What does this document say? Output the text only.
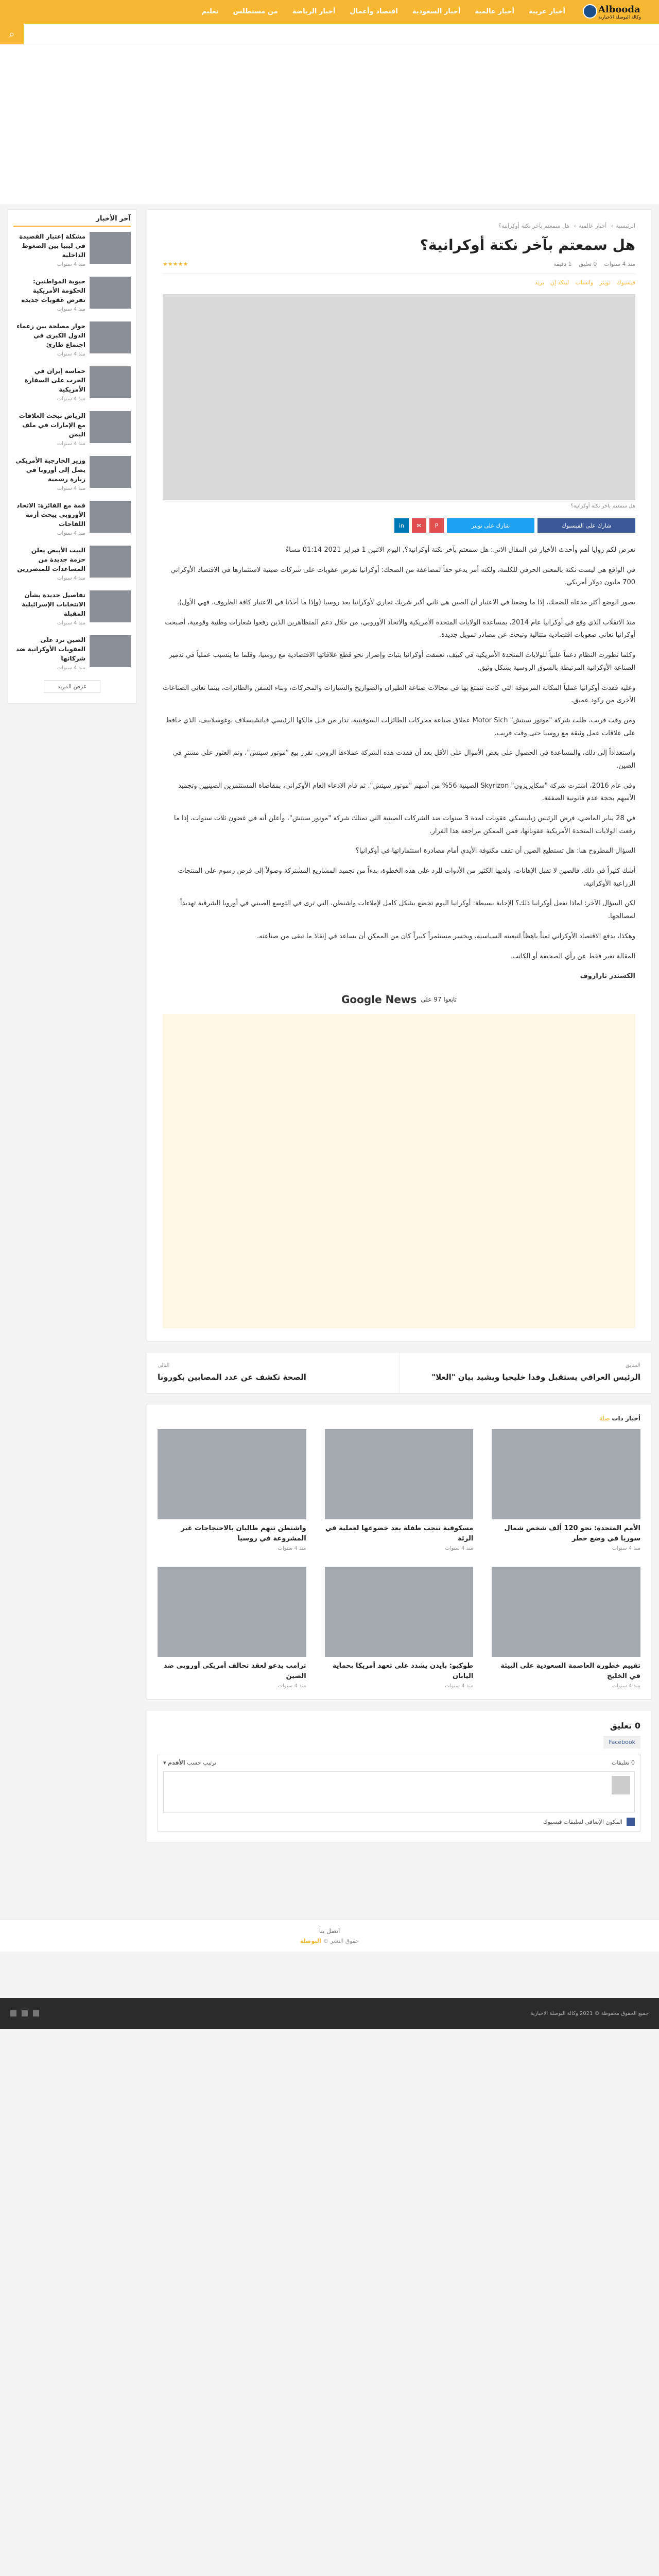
Albooda
وكالة البوصلة الاخبارية
أخبار عربية
أخبار عالمية
أخبار السعودية
اقتصاد وأعمال
أخبار الرياضة
من مستطلس
تعليم
⌕
الرئيسية› أخبار عالمية› هل سمعتم بآخر نكتة أوكرانية؟
هل سمعتم بآخر نكتة أوكرانية؟
منذ 4 سنوات
0 تعليق
1 دقيقة
★★★★★
فيسبوك
تويتر
واتساب
لينكد إن
بريد
هل سمعتم بآخر نكتة أوكرانية؟
شارك على الفيسبوك
شارك على تويتر
P
✉
in

تعرض لكم زوايا أهم وأحدث الأخبار في المقال الاتي: هل سمعتم بآخر نكتة أوكرانية؟, اليوم الاثنين 1 فبراير 2021 01:14 مساءً

في الواقع هي ليست نكتة بالمعنى الحرفي للكلمة، ولكنه أمر يدعو حقاً لمضاعفة من الضحك: أوكرانيا تفرض عقوبات على شركات صينية لاستثمارها في الاقتصاد الأوكراني 700 مليون دولار أمريكي.

يصور الوضع أكثر مدعاة للضحك، إذا ما وضعنا في الاعتبار أن الصين هي ثاني أكبر شريك تجاري لأوكرانيا بعد روسيا (وإذا ما أخذنا في الاعتبار كافة الظروف، فهي الأول).

منذ الانقلاب الذي وقع في أوكرانيا عام 2014، بمساعدة الولايات المتحدة الأمريكية والاتحاد الأوروبي، من خلال دعم المتظاهرين الذين رفعوا شعارات وطنية وقومية، أصبحت أوكرانيا تعاني صعوبات اقتصادية متتالية وتبحث عن مصادر تمويل جديدة.

وكلما تطورت النظام دعماً علنياً للولايات المتحدة الأمريكية في كييف، تعمقت أوكرانيا بثبات وإصرار نحو قطع علاقاتها الاقتصادية مع روسيا، وقلما ما يتسبب عملياً في تدمير الصناعة الأوكرانية المرتبطة بالسوق الروسية بشكل وثيق.

وعليه فقدت أوكرانيا عملياً المكانة المرموقة التي كانت تتمتع بها في مجالات صناعة الطيران والصواريخ والسيارات والمحركات، وبناء السفن والطائرات، بينما تعاني الصناعات الأخرى من ركود عميق.

ومن وقت قريب، ظلت شركة "موتور سيتش" Motor Sich عملاق صناعة محركات الطائرات السوفيتية، تدار من قبل مالكها الرئيسي فياتشيسلاف بوغوسلاييف، الذي حافظ على علاقات عمل وثيقة مع روسيا حتى وقت قريب.

واستعداداً إلى ذلك، والمساعدة في الحصول على بعض الأموال على الأقل بعد أن فقدت هذه الشركة عملاءها الروس، تقرر بيع "موتور سيتش"، وتم العثور على مشترٍ في الصين.

وفي عام 2016، اشترت شركة "سكايريزون" Skyrizon الصينية 56% من أسهم "موتور سيتش". ثم قام الادعاء العام الأوكراني، بمقاضاة المستثمرين الصينيين وتجميد الأسهم بحجة عدم قانونية الصفقة.

في 28 يناير الماضي، فرض الرئيس زيلينسكي عقوبات لمدة 3 سنوات ضد الشركات الصينية التي تمتلك شركة "موتور سيتش"، وأعلن أنه في غضون ثلاث سنوات، إذا ما رفعت الولايات المتحدة الأمريكية عقوباتها، فمن الممكن مراجعة هذا القرار.

السؤال المطروح هنا: هل تستطيع الصين أن تقف مكتوفة الأيدي أمام مصادرة استثماراتها في أوكرانيا؟

أشك كثيراً في ذلك. فالصين لا تقبل الإهانات، ولديها الكثير من الأدوات للرد على هذه الخطوة، بدءاً من تجميد المشاريع المشتركة وصولاً إلى فرض رسوم على المنتجات الزراعية الأوكرانية.

لكن السؤال الآخر: لماذا تفعل أوكرانيا ذلك؟ الإجابة بسيطة: أوكرانيا اليوم تخضع بشكل كامل لإملاءات واشنطن، التي ترى في التوسع الصيني في أوروبا الشرقية تهديداً لمصالحها.

وهكذا، يدفع الاقتصاد الأوكراني ثمناً باهظاً لتبعيته السياسية، ويخسر مستثمراً كبيراً كان من الممكن أن يساعد في إنقاذ ما تبقى من صناعته.

المقالة تعبر فقط عن رأي الصحيفة أو الكاتب.

الكسندر نازاروف

تابعوا 97 على
Google News
السابق
الرئيس العراقي يستقبل وفدا خليجيا ويشيد بيان "العلا"
التالي
الصحة تكشف عن عدد المصابين بكورونا
أخبار ذات صلة
الأمم المتحدة: نحو 120 ألف شخص شمال سوريا في وضع خطر
منذ 4 سنوات
مسكوفية تنجب طفلة بعد خضوعها لعملية في الرئة
منذ 4 سنوات
واشنطن تتهم طالبان بالاحتجاجات غير المشروعة في روسيا
منذ 4 سنوات
تقييم خطورة العاصمة السعودية على البيئة في الخليج
منذ 4 سنوات
طوكيو: بايدن يشدد على تعهد أمريكا بحماية اليابان
منذ 4 سنوات
ترامب يدعو لعقد تحالف أمريكي أوروبي ضد الصين
منذ 4 سنوات
0 تعليق
Facebook
0 تعليقات
ترتيب حسب الأقدم ▾
المكون الإضافي لتعليقات فيسبوك
آخر الأخبار
مشكلة إعتبار القصيدة في ليبيا بين الضغوط الداخلية
منذ 4 سنوات
حيوية المواطنين: الحكومة الأمريكية تفرض عقوبات جديدة
منذ 4 سنوات
حوار مصلحة بين زعماء الدول الكبرى في اجتماع طارئ
منذ 4 سنوات
حماسة إيران في الحرب على السفارة الأمريكية
منذ 4 سنوات
الرياض تبحث العلاقات مع الإمارات في ملف اليمن
منذ 4 سنوات
وزير الخارجية الأمريكي يصل إلى أوروبا في زيارة رسمية
منذ 4 سنوات
قمة مع الفائزة: الاتحاد الأوروبي يبحث أزمة اللقاحات
منذ 4 سنوات
البيت الأبيض يعلن حزمة جديدة من المساعدات للمتضررين
منذ 4 سنوات
تفاصيل جديدة بشأن الانتخابات الإسرائيلية المقبلة
منذ 4 سنوات
الصين ترد على العقوبات الأوكرانية ضد شركاتها
منذ 4 سنوات
عرض المزيد
اتصل بنا
حقوق النشر © البوصلة
جميع الحقوق محفوظة © 2021 وكالة البوصلة الاخبارية
